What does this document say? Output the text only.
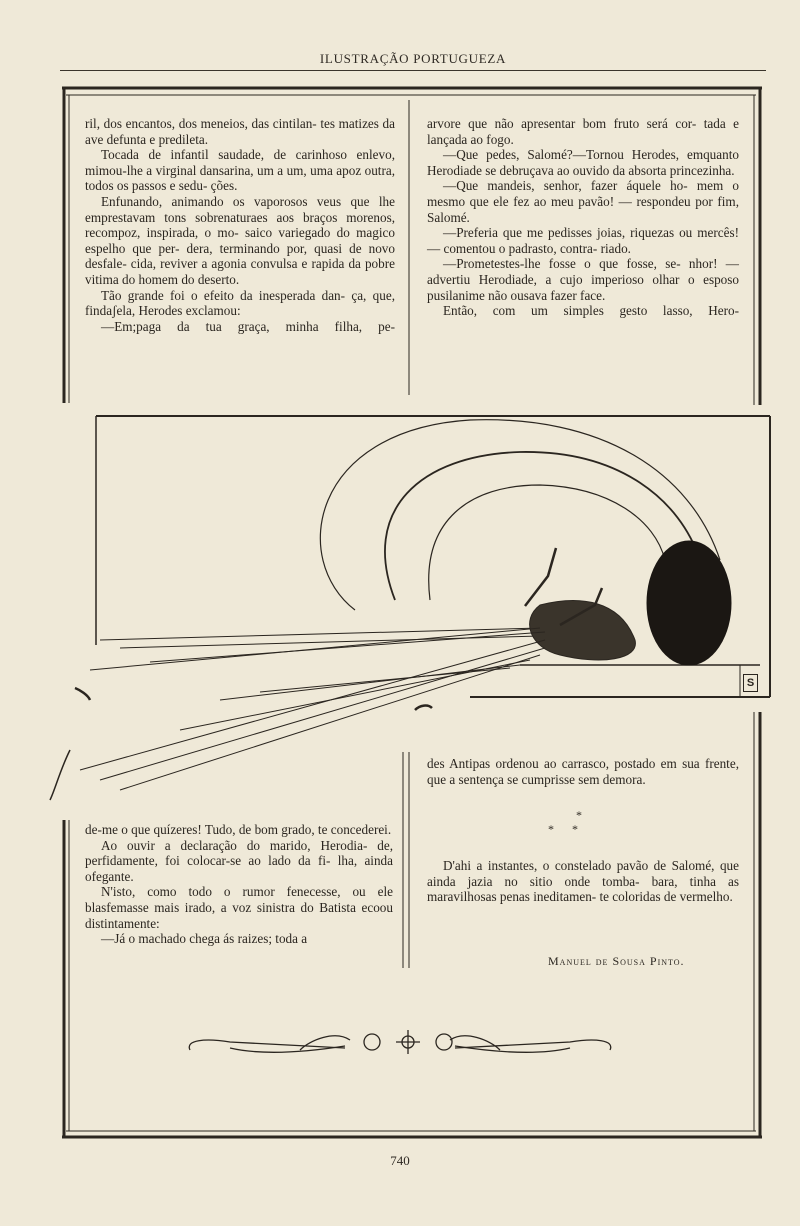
ILUSTRAÇÃO PORTUGUEZA
S

ril, dos encantos, dos meneios, das cintilan- tes matizes da ave defunta e predileta.

Tocada de infantil saudade, de carinhoso enlevo, mimou-lhe a virginal dansarina, um a um, uma apoz outra, todos os passos e sedu- ções.

Enfunando, animando os vaporosos veus que lhe emprestavam tons sobrenaturaes aos braços morenos, recompoz, inspirada, o mo- saico variegado do magico espelho que per- dera, terminando por, quasi de novo desfale- cida, reviver a agonia convulsa e rapida da pobre vitima do homem do deserto.

Tão grande foi o efeito da inesperada dan- ça, que, findaʃela, Herodes exclamou:

—Em;paga da tua graça, minha filha, pe-

arvore que não apresentar bom fruto será cor- tada e lançada ao fogo.

—Que pedes, Salomé?—Tornou Herodes, emquanto Herodiade se debruçava ao ouvido da absorta princezinha.

—Que mandeis, senhor, fazer áquele ho- mem o mesmo que ele fez ao meu pavão! — respondeu por fim, Salomé.

—Preferia que me pedisses joias, riquezas ou mercês! — comentou o padrasto, contra- riado.

—Prometestes-lhe fosse o que fosse, se- nhor! — advertiu Herodiade, a cujo imperioso olhar o esposo pusilanime não ousava fazer face.

Então, com um simples gesto lasso, Hero-

de-me o que quízeres! Tudo, de bom grado, te concederei.

Ao ouvir a declaração do marido, Herodia- de, perfidamente, foi colocar-se ao lado da fi- lha, ainda ofegante.

N'isto, como todo o rumor fenecesse, ou ele blasfemasse mais irado, a voz sinistra do Batista ecoou distintamente:

—Já o machado chega ás raizes; toda a

des Antipas ordenou ao carrasco, postado em sua frente, que a sentença se cumprisse sem demora.

*
*      *

D'ahi a instantes, o constelado pavão de Salomé, que ainda jazia no sitio onde tomba- bara, tinha as maravilhosas penas ineditamen- te coloridas de vermelho.

Manuel de Sousa Pinto.
740
